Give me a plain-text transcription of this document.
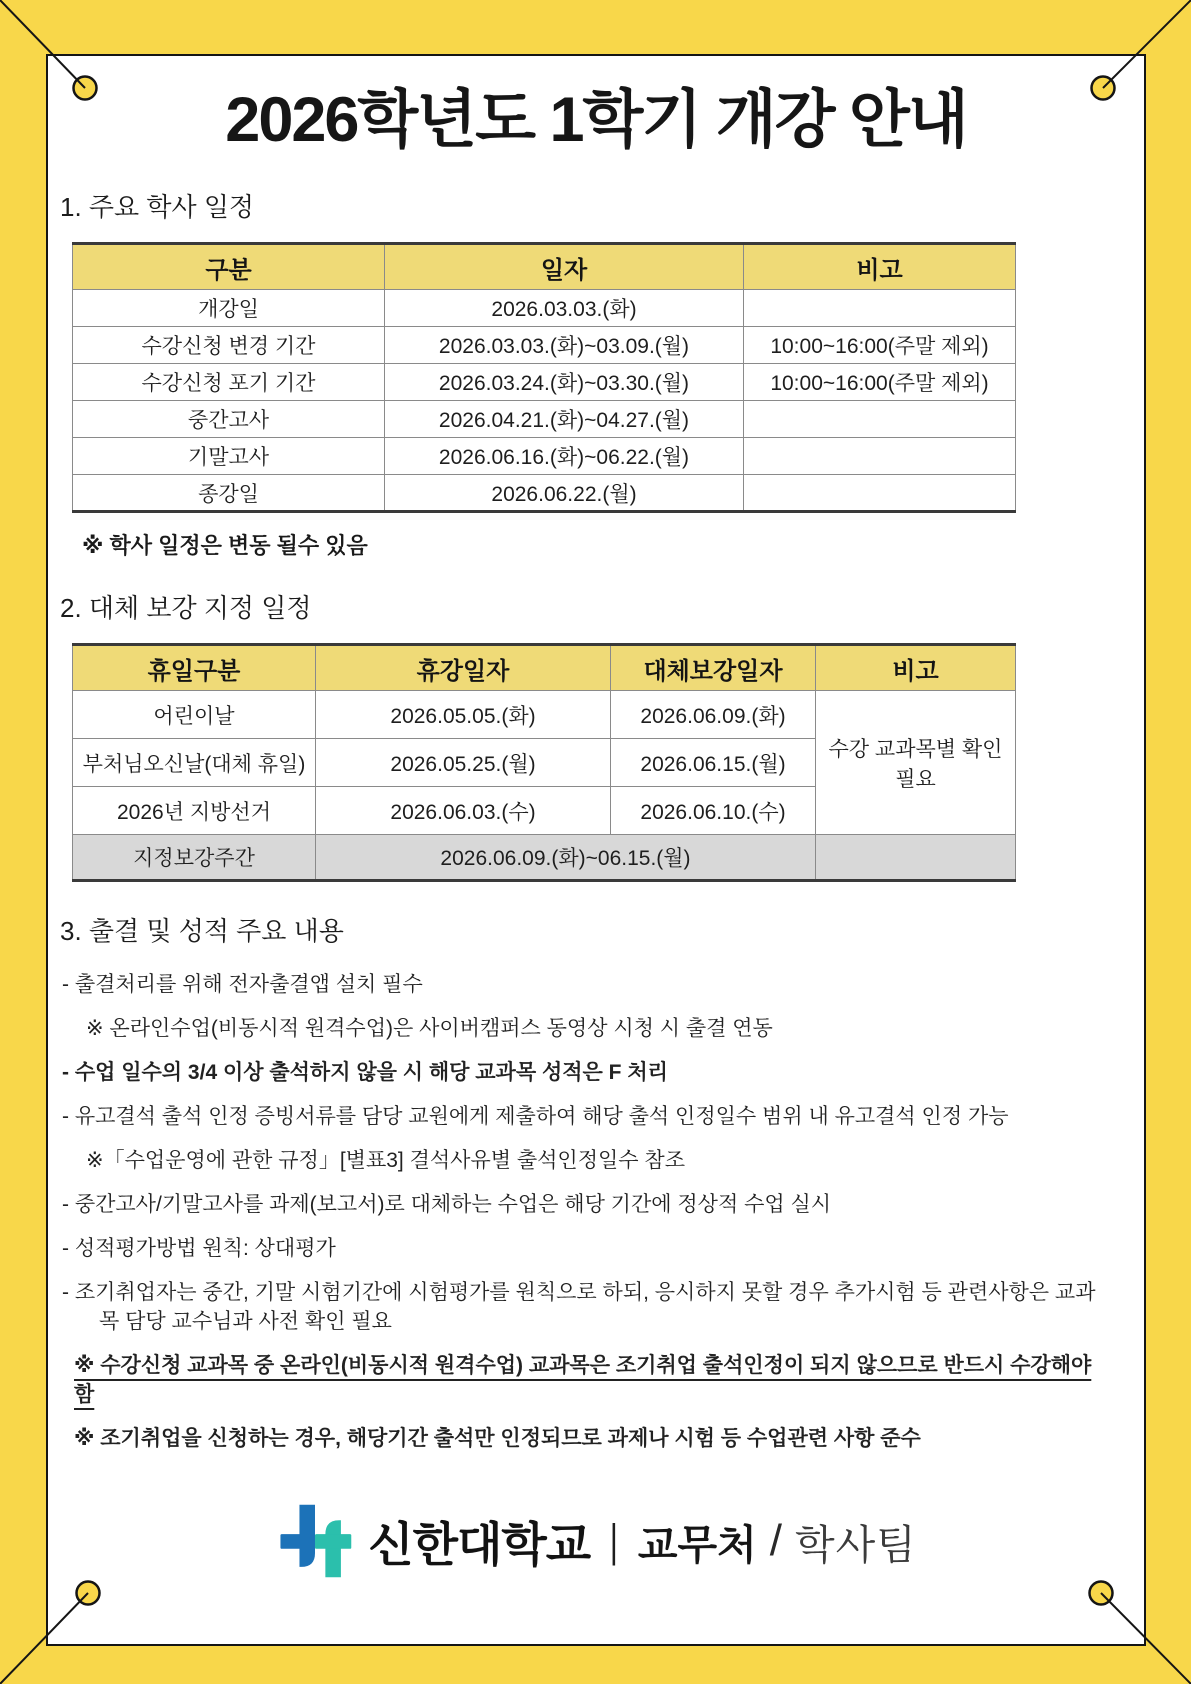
2026학년도 1학기 개강 안내
1. 주요 학사 일정
구분	일자	비고
개강일	2026.03.03.(화)	
수강신청 변경 기간	2026.03.03.(화)~03.09.(월)	10:00~16:00(주말 제외)
수강신청 포기 기간	2026.03.24.(화)~03.30.(월)	10:00~16:00(주말 제외)
중간고사	2026.04.21.(화)~04.27.(월)	
기말고사	2026.06.16.(화)~06.22.(월)	
종강일	2026.06.22.(월)	
※ 학사 일정은 변동 될수 있음
2. 대체 보강 지정 일정
휴일구분	휴강일자	대체보강일자	비고
어린이날	2026.05.05.(화)	2026.06.09.(화)	수강 교과목별 확인필요
부처님오신날(대체 휴일)	2026.05.25.(월)	2026.06.15.(월)	
2026년 지방선거	2026.06.03.(수)	2026.06.10.(수)	
지정보강주간	2026.06.09.(화)~06.15.(월)		
3. 출결 및 성적 주요 내용
- 출결처리를 위해 전자출결앱 설치 필수
※ 온라인수업(비동시적 원격수업)은 사이버캠퍼스 동영상 시청 시 출결 연동
- 수업 일수의 3/4 이상 출석하지 않을 시 해당 교과목 성적은 F 처리
- 유고결석 출석 인정 증빙서류를 담당 교원에게 제출하여 해당 출석 인정일수 범위 내 유고결석 인정 가능
※「수업운영에 관한 규정」[별표3] 결석사유별 출석인정일수 참조
- 중간고사/기말고사를 과제(보고서)로 대체하는 수업은 해당 기간에 정상적 수업 실시
- 성적평가방법 원칙: 상대평가
- 조기취업자는 중간, 기말 시험기간에 시험평가를 원칙으로 하되, 응시하지 못할 경우 추가시험 등 관련사항은 교과목 담당 교수님과 사전 확인 필요
※ 수강신청 교과목 중 온라인(비동시적 원격수업) 교과목은 조기취업 출석인정이 되지 않으므로 반드시 수강해야 함
※ 조기취업을 신청하는 경우, 해당기간 출석만 인정되므로 과제나 시험 등 수업관련 사항 준수
신한대학교 | 교무처 / 학사팀
